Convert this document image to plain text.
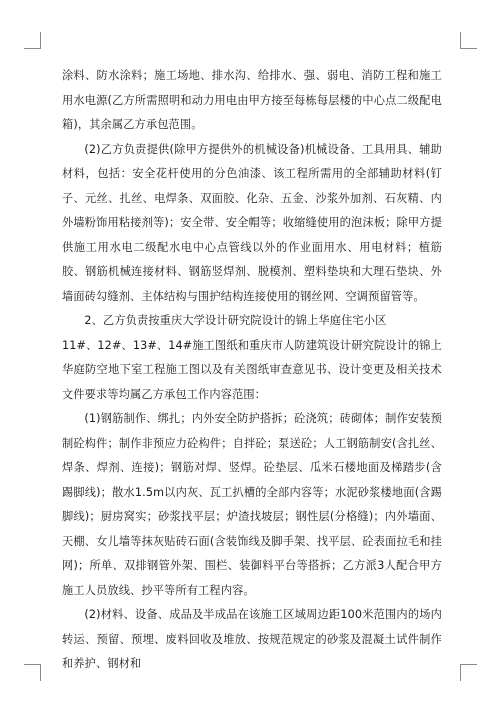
涂料、防水涂料；施工场地、排水沟、给排水、强、弱电、消防工程和施工用水电源(乙方所需照明和动力用电由甲方接至每栋每层楼的中心点二级配电箱)，其余属乙方承包范围。

(2)乙方负责提供(除甲方提供外的机械设备)机械设备、工具用具、辅助材料，包括：安全花杆使用的分色油漆、该工程所需用的全部辅助材料(钉子、元丝、扎丝、电焊条、双面胶、化杂、五金、沙浆外加剂、石灰精、内外墙粉饰用粘接剂等)；安全带、安全帽等；收缩缝使用的泡沫板；除甲方提供施工用水电二级配水电中心点管线以外的作业面用水、用电材料；植筋胶、钢筋机械连接材料、钢筋竖焊剂、脱模剂、塑料垫块和大理石垫块、外墙面砖勾缝剂、主体结构与围护结构连接使用的钢丝网、空调预留管等。

2、乙方负责按重庆大学设计研究院设计的锦上华庭住宅小区

11#、12#、13#、14#施工图纸和重庆市人防建筑设计研究院设计的锦上华庭防空地下室工程施工图以及有关图纸审查意见书、设计变更及相关技术文件要求等均属乙方承包工作内容范围：

(1)钢筋制作、绑扎；内外安全防护搭拆；砼浇筑；砖砌体；制作安装预制砼构件；制作非预应力砼构件；自拌砼；泵送砼；人工钢筋制安(含扎丝、焊条、焊剂、连接)；钢筋对焊、竖焊。砼垫层、瓜米石楼地面及梯踏步(含踢脚线)；散水1.5m以内灰、瓦工扒槽的全部内容等；水泥砂浆楼地面(含踢脚线)；厨房窝实；砂浆找平层；炉渣找坡层；钢性层(分格缝)；内外墙面、天棚、女儿墙等抹灰贴砖石面(含装饰线及脚手架、找平层、砼表面拉毛和挂网)；所单、双排钢管外架、围栏、装御料平台等搭拆；乙方派3人配合甲方施工人员放线、抄平等所有工程内容。

(2)材料、设备、成品及半成品在该施工区域周边距100米范围内的场内转运、预留、预埋、废料回收及堆放、按规范规定的砂浆及混凝土试件制作和养护、钢材和
